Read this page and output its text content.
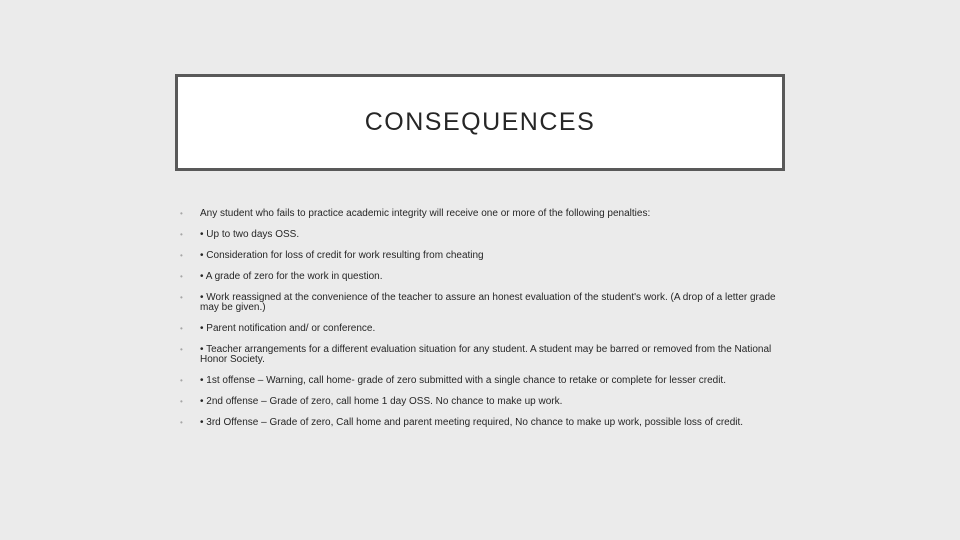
CONSEQUENCES
• Any student who fails to practice academic integrity will receive one or more of the following penalties:
• • Up to two days OSS.
• • Consideration for loss of credit for work resulting from cheating
• • A grade of zero for the work in question.
• • Work reassigned at the convenience of the teacher to assure an honest evaluation of the student's work. (A drop of a letter grade may be given.)
• • Parent notification and/ or conference.
• • Teacher arrangements for a different evaluation situation for any student. A student may be barred or removed from the National Honor Society.
• • 1st offense – Warning, call home- grade of zero submitted with a single chance to retake or complete for lesser credit.
• • 2nd offense – Grade of zero, call home 1 day OSS. No chance to make up work.
• • 3rd Offense – Grade of zero, Call home and parent meeting required, No chance to make up work, possible loss of credit.
